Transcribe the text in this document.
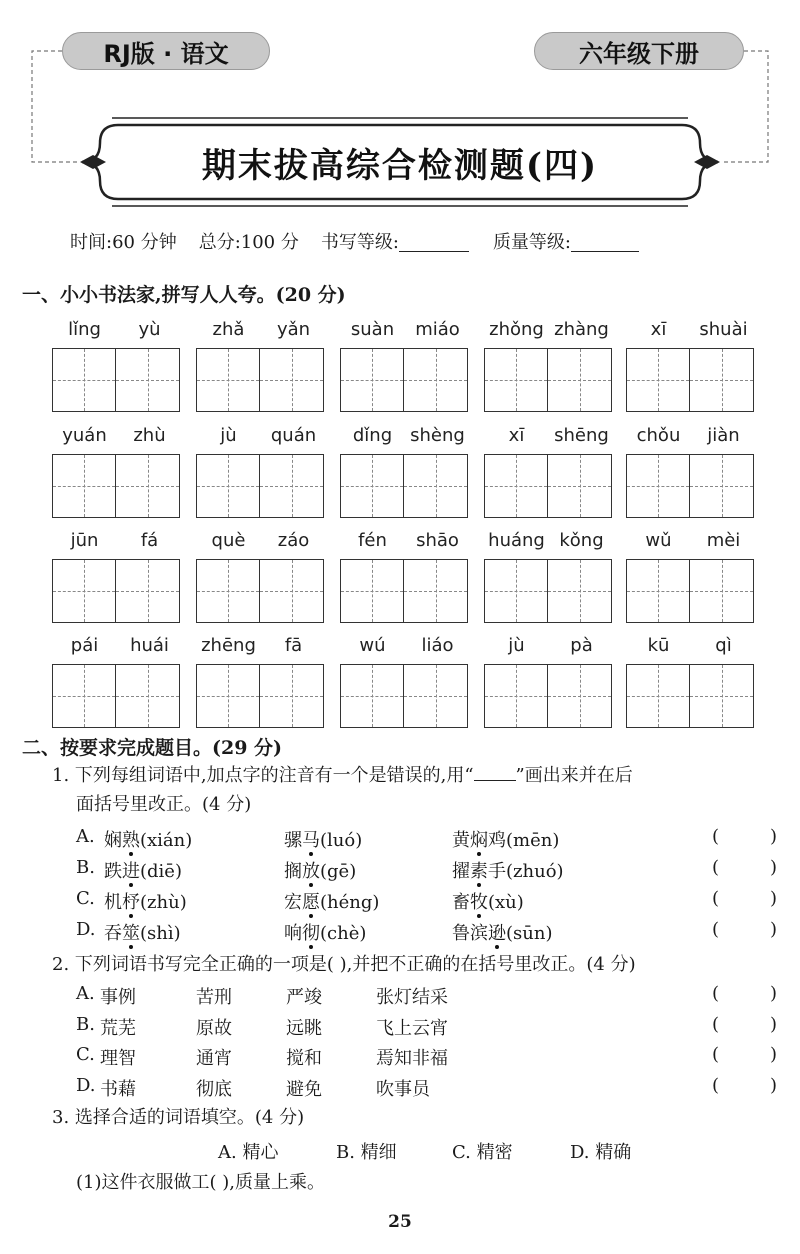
RJ版 · 语文	六年级下册
期末拔高综合检测题(四)
时间:60 分钟 总分:100 分 书写等级:	质量等级:
一、小小书法家,拼写人人夸。(20 分)
lǐng	yù	zhǎ	yǎn	suàn	miáo	zhǒng zhàng	xī	shuài
yuán	zhù	jù	quán	dǐng	shèng	xī	shēng	chǒu	jiàn
jūn	fá	què	záo	fén	shāo	huáng kǒng	wǔ	mèi
pái	huái	zhēng	fā	wú	liáo	jù	pà	kū	qì
二、按要求完成题目。(29 分)
1. 下列每组词语中,加点字的注音有一个是错误的,用“ ”画出来并在后
面括号里改正。(4 分)
A. 娴熟(xián)	骡马(luó)	黄焖鸡(mēn)	(	)
B. 跌进(diē)	搁放(gē)	擢素手(zhuó)	(	)
C. 机杼(zhù)	宏愿(héng)	畜牧(xù)	(	)
D. 吞筮(shì)	响彻(chè)	鲁滨逊(sūn)	(	)
2. 下列词语书写完全正确的一项是( ),并把不正确的在括号里改正。(4 分)
A. 事例	苦刑	严竣	张灯结采	(	)
B. 荒芜	原故	远眺	飞上云宵	(	)
C. 理智	通宵	搅和	焉知非福	(	)
D. 书藉	彻底	避免	吹事员	(	)
3. 选择合适的词语填空。(4 分)
A. 精心	B. 精细	C. 精密	D. 精确
(1)这件衣服做工( ),质量上乘。
25
